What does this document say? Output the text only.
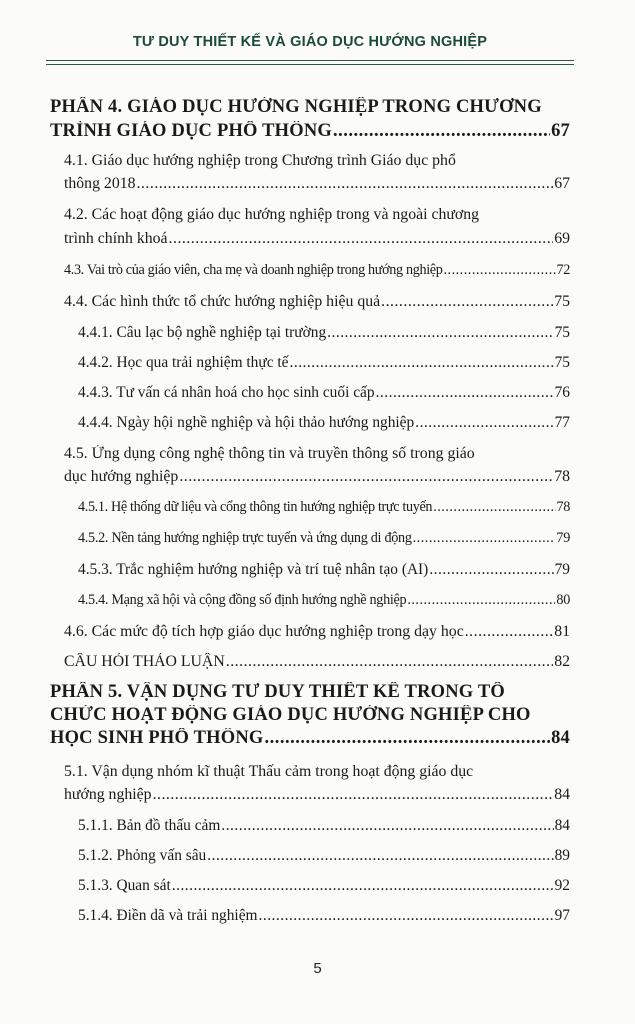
TƯ DUY THIẾT KẾ VÀ GIÁO DỤC HƯỚNG NGHIỆP
PHẦN 4. GIÁO DỤC HƯỚNG NGHIỆP TRONG CHƯƠNG
TRÌNH GIÁO DỤC PHỔ THÔNG .....	67
4.1. Giáo dục hướng nghiệp trong Chương trình Giáo dục phổ
thông 2018 .....	67
4.2. Các hoạt động giáo dục hướng nghiệp trong và ngoài chương
trình chính khoá .....	69
4.3. Vai trò của giáo viên, cha mẹ và doanh nghiệp trong hướng nghiệp .....	72
4.4. Các hình thức tổ chức hướng nghiệp hiệu quả .....	75
4.4.1. Câu lạc bộ nghề nghiệp tại trường .....	75
4.4.2. Học qua trải nghiệm thực tế .....	75
4.4.3. Tư vấn cá nhân hoá cho học sinh cuối cấp .....	76
4.4.4. Ngày hội nghề nghiệp và hội thảo hướng nghiệp .....	77
4.5. Ứng dụng công nghệ thông tin và truyền thông số trong giáo
dục hướng nghiệp .....	78
4.5.1. Hệ thống dữ liệu và cổng thông tin hướng nghiệp trực tuyến .....	78
4.5.2. Nền tảng hướng nghiệp trực tuyến và ứng dụng di động .....	79
4.5.3. Trắc nghiệm hướng nghiệp và trí tuệ nhân tạo (AI) .....	79
4.5.4. Mạng xã hội và cộng đồng số định hướng nghề nghiệp .....	80
4.6. Các mức độ tích hợp giáo dục hướng nghiệp trong dạy học .....	81
CÂU HỎI THẢO LUẬN .....	82
PHẦN 5. VẬN DỤNG TƯ DUY THIẾT KẾ TRONG TỔ
CHỨC HOẠT ĐỘNG GIÁO DỤC HƯỚNG NGHIỆP CHO
HỌC SINH PHỔ THÔNG .....	84
5.1. Vận dụng nhóm kĩ thuật Thấu cảm trong hoạt động giáo dục
hướng nghiệp .....	84
5.1.1. Bản đồ thấu cảm .....	84
5.1.2. Phỏng vấn sâu .....	89
5.1.3. Quan sát .....	92
5.1.4. Điền dã và trải nghiệm .....	97
5
